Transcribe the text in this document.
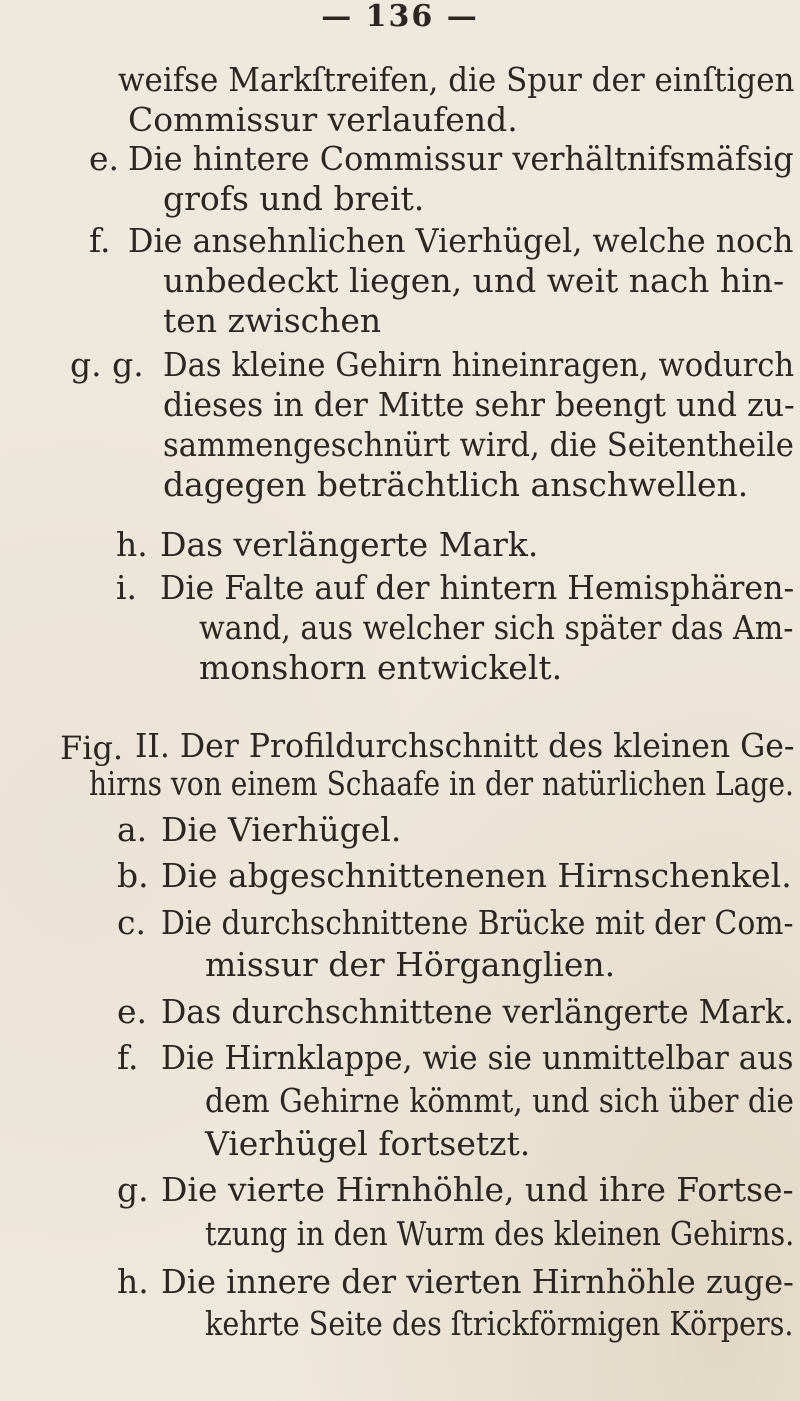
— 136 —
weifse Markſtreifen, die Spur der einſtigen
Commissur verlaufend.
e. Die hintere Commissur verhältnifsmäfsig
grofs und breit.
f. Die ansehnlichen Vierhügel, welche noch
unbedeckt liegen, und weit nach hin-
ten zwischen
g. g. Das kleine Gehirn hineinragen, wodurch
dieses in der Mitte sehr beengt und zu-
sammengeschnürt wird, die Seitentheile
dagegen beträchtlich anschwellen.
h. Das verlängerte Mark.
i. Die Falte auf der hintern Hemisphären-
wand, aus welcher sich später das Am-
monshorn entwickelt.
Fig. II. Der Profildurchschnitt des kleinen Ge-
hirns von einem Schaafe in der natürlichen Lage.
a. Die Vierhügel.
b. Die abgeschnittenenen Hirnschenkel.
c. Die durchschnittene Brücke mit der Com-
missur der Hörganglien.
e. Das durchschnittene verlängerte Mark.
f. Die Hirnklappe, wie sie unmittelbar aus
dem Gehirne kömmt, und sich über die
Vierhügel fortsetzt.
g. Die vierte Hirnhöhle, und ihre Fortse-
tzung in den Wurm des kleinen Gehirns.
h. Die innere der vierten Hirnhöhle zuge-
kehrte Seite des ſtrickförmigen Körpers.
